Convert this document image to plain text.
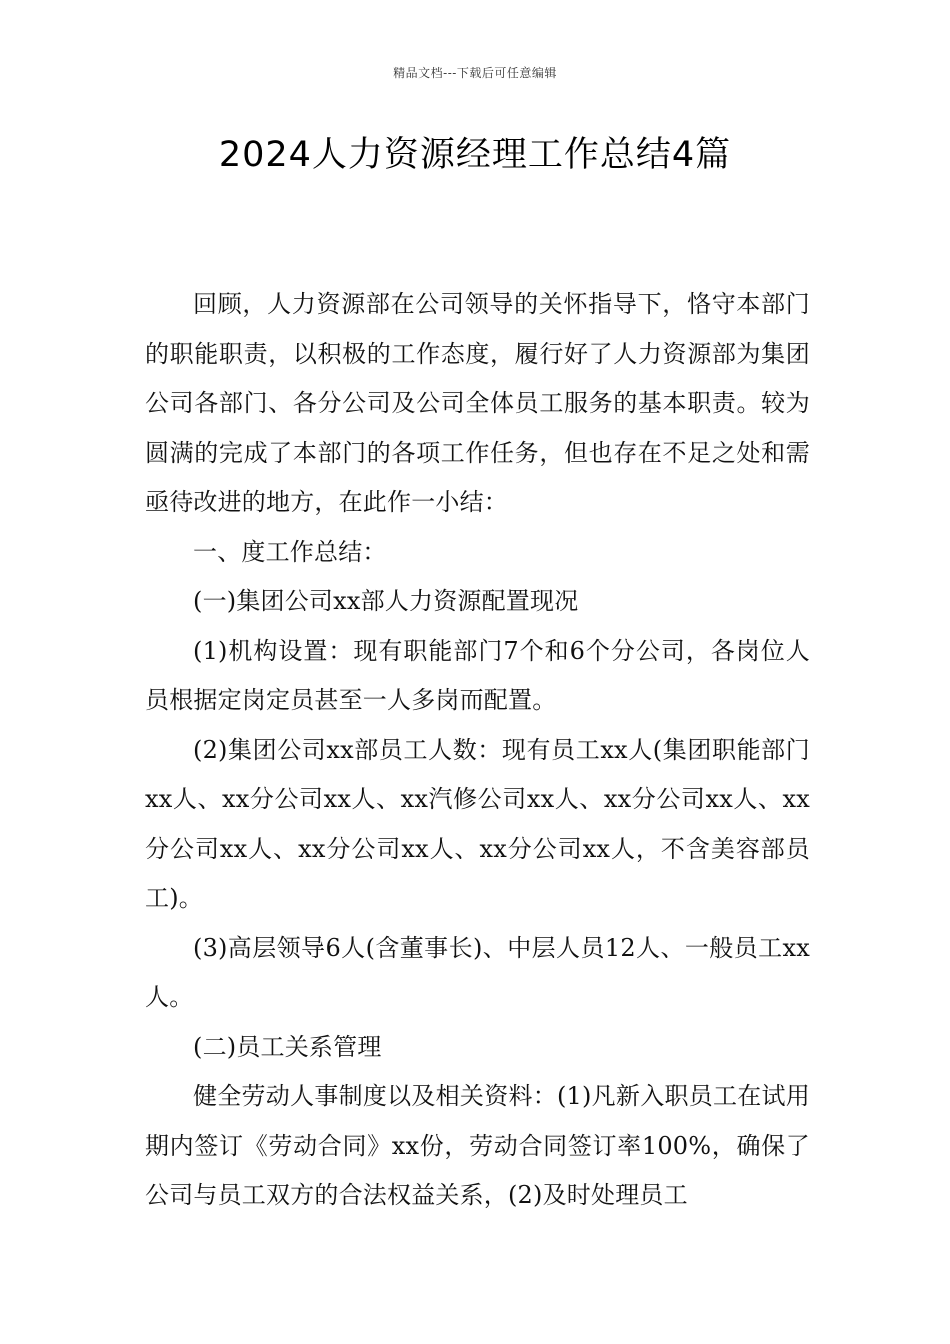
精品文档---下载后可任意编辑
2024人力资源经理工作总结4篇

回顾，人力资源部在公司领导的关怀指导下，恪守本部门的职能职责，以积极的工作态度，履行好了人力资源部为集团公司各部门、各分公司及公司全体员工服务的基本职责。较为圆满的完成了本部门的各项工作任务，但也存在不足之处和需亟待改进的地方，在此作一小结：

一、度工作总结：

(一)集团公司xx部人力资源配置现况

(1)机构设置：现有职能部门7个和6个分公司，各岗位人员根据定岗定员甚至一人多岗而配置。

(2)集团公司xx部员工人数：现有员工xx人(集团职能部门xx人、xx分公司xx人、xx汽修公司xx人、xx分公司xx人、xx分公司xx人、xx分公司xx人、xx分公司xx人，不含美容部员工)。

(3)高层领导6人(含董事长)、中层人员12人、一般员工xx人。

(二)员工关系管理

健全劳动人事制度以及相关资料：(1)凡新入职员工在试用期内签订《劳动合同》xx份，劳动合同签订率100%，确保了公司与员工双方的合法权益关系，(2)及时处理员工
